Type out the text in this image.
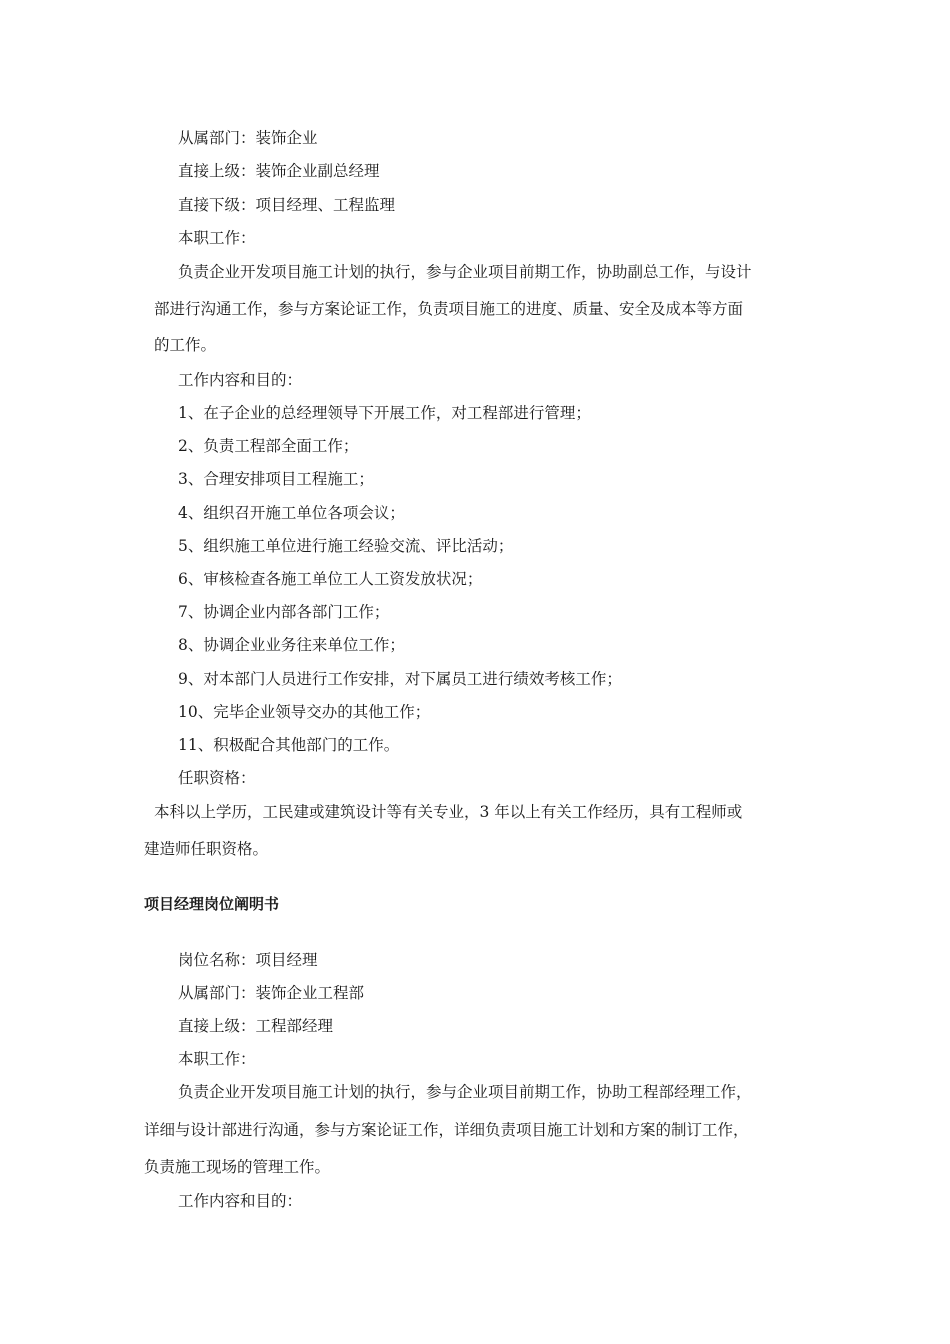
从属部门：装饰企业
直接上级：装饰企业副总经理
直接下级：项目经理、工程监理
本职工作：
负责企业开发项目施工计划的执行，参与企业项目前期工作，协助副总工作，与设计
部进行沟通工作，参与方案论证工作，负责项目施工的进度、质量、安全及成本等方面
的工作。
工作内容和目的：
1、在子企业的总经理领导下开展工作，对工程部进行管理；
2、负责工程部全面工作；
3、合理安排项目工程施工；
4、组织召开施工单位各项会议；
5、组织施工单位进行施工经验交流、评比活动；
6、审核检查各施工单位工人工资发放状况；
7、协调企业内部各部门工作；
8、协调企业业务往来单位工作；
9、对本部门人员进行工作安排，对下属员工进行绩效考核工作；
10、完毕企业领导交办的其他工作；
11、积极配合其他部门的工作。
任职资格：
本科以上学历，工民建或建筑设计等有关专业，3 年以上有关工作经历，具有工程师或
建造师任职资格。
项目经理岗位阐明书
岗位名称：项目经理
从属部门：装饰企业工程部
直接上级：工程部经理
本职工作：
负责企业开发项目施工计划的执行，参与企业项目前期工作，协助工程部经理工作，
详细与设计部进行沟通，参与方案论证工作，详细负责项目施工计划和方案的制订工作，
负责施工现场的管理工作。
工作内容和目的：
